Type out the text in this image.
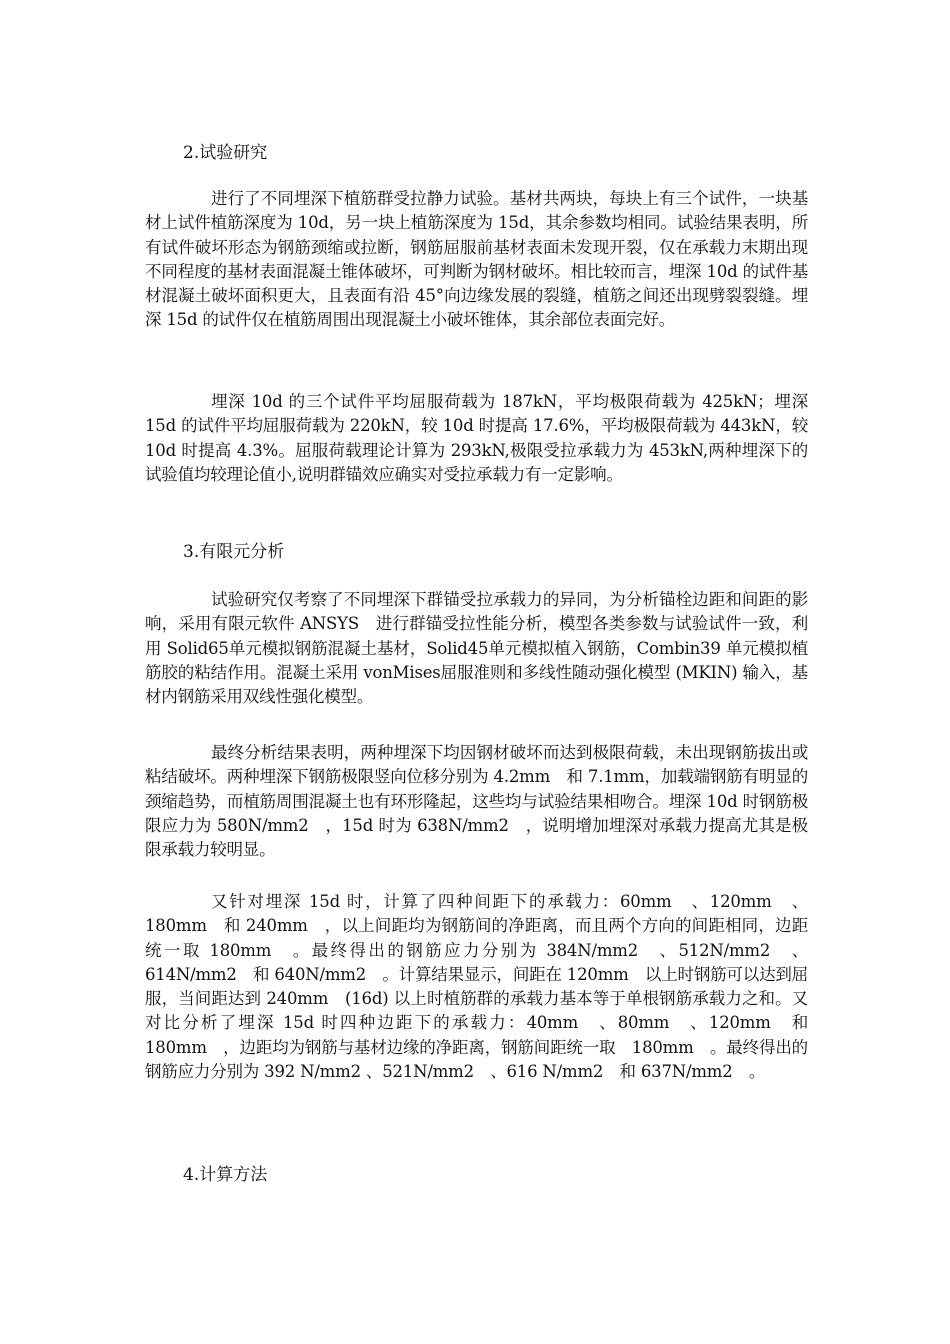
2.试验研究

进行了不同埋深下植筋群受拉静力试验。基材共两块，每块上有三个试件，一块基材上试件植筋深度为 10d，另一块上植筋深度为 15d，其余参数均相同。试验结果表明，所有试件破坏形态为钢筋颈缩或拉断，钢筋屈服前基材表面未发现开裂，仅在承载力末期出现不同程度的基材表面混凝土锥体破坏，可判断为钢材破坏。相比较而言，埋深 10d 的试件基材混凝土破坏面积更大，且表面有沿 45°向边缘发展的裂缝，植筋之间还出现劈裂裂缝。埋深 15d 的试件仅在植筋周围出现混凝土小破坏锥体，其余部位表面完好。

埋深 10d 的三个试件平均屈服荷载为 187kN，平均极限荷载为 425kN；埋深 15d 的试件平均屈服荷载为 220kN，较 10d 时提高 17.6%，平均极限荷载为 443kN，较 10d 时提高 4.3%。屈服荷载理论计算为 293kN,极限受拉承载力为 453kN,两种埋深下的试验值均较理论值小,说明群锚效应确实对受拉承载力有一定影响。

3.有限元分析

试验研究仅考察了不同埋深下群锚受拉承载力的异同，为分析锚栓边距和间距的影响，采用有限元软件 ANSYS　进行群锚受拉性能分析，模型各类参数与试验试件一致，利用 Solid65单元模拟钢筋混凝土基材，Solid45单元模拟植入钢筋，Combin39 单元模拟植筋胶的粘结作用。混凝土采用 vonMises屈服准则和多线性随动强化模型 (MKIN) 输入，基材内钢筋采用双线性强化模型。

最终分析结果表明，两种埋深下均因钢材破坏而达到极限荷载，未出现钢筋拔出或粘结破坏。两种埋深下钢筋极限竖向位移分别为 4.2mm　和 7.1mm，加载端钢筋有明显的颈缩趋势，而植筋周围混凝土也有环形隆起，这些均与试验结果相吻合。埋深 10d 时钢筋极限应力为 580N/mm2　，15d 时为 638N/mm2　，说明增加埋深对承载力提高尤其是极限承载力较明显。

又针对埋深 15d 时，计算了四种间距下的承载力：60mm　、120mm　、180mm　和 240mm　，以上间距均为钢筋间的净距离，而且两个方向的间距相同，边距统一取 180mm　。最终得出的钢筋应力分别为 384N/mm2　、512N/mm2　、614N/mm2　和 640N/mm2　。计算结果显示，间距在 120mm　以上时钢筋可以达到屈服，当间距达到 240mm　(16d) 以上时植筋群的承载力基本等于单根钢筋承载力之和。又对比分析了埋深 15d 时四种边距下的承载力：40mm　、80mm　、120mm　和 180mm　，边距均为钢筋与基材边缘的净距离，钢筋间距统一取　180mm　。最终得出的钢筋应力分别为 392 N/mm2 、521N/mm2　、616 N/mm2　和 637N/mm2　。

4.计算方法
